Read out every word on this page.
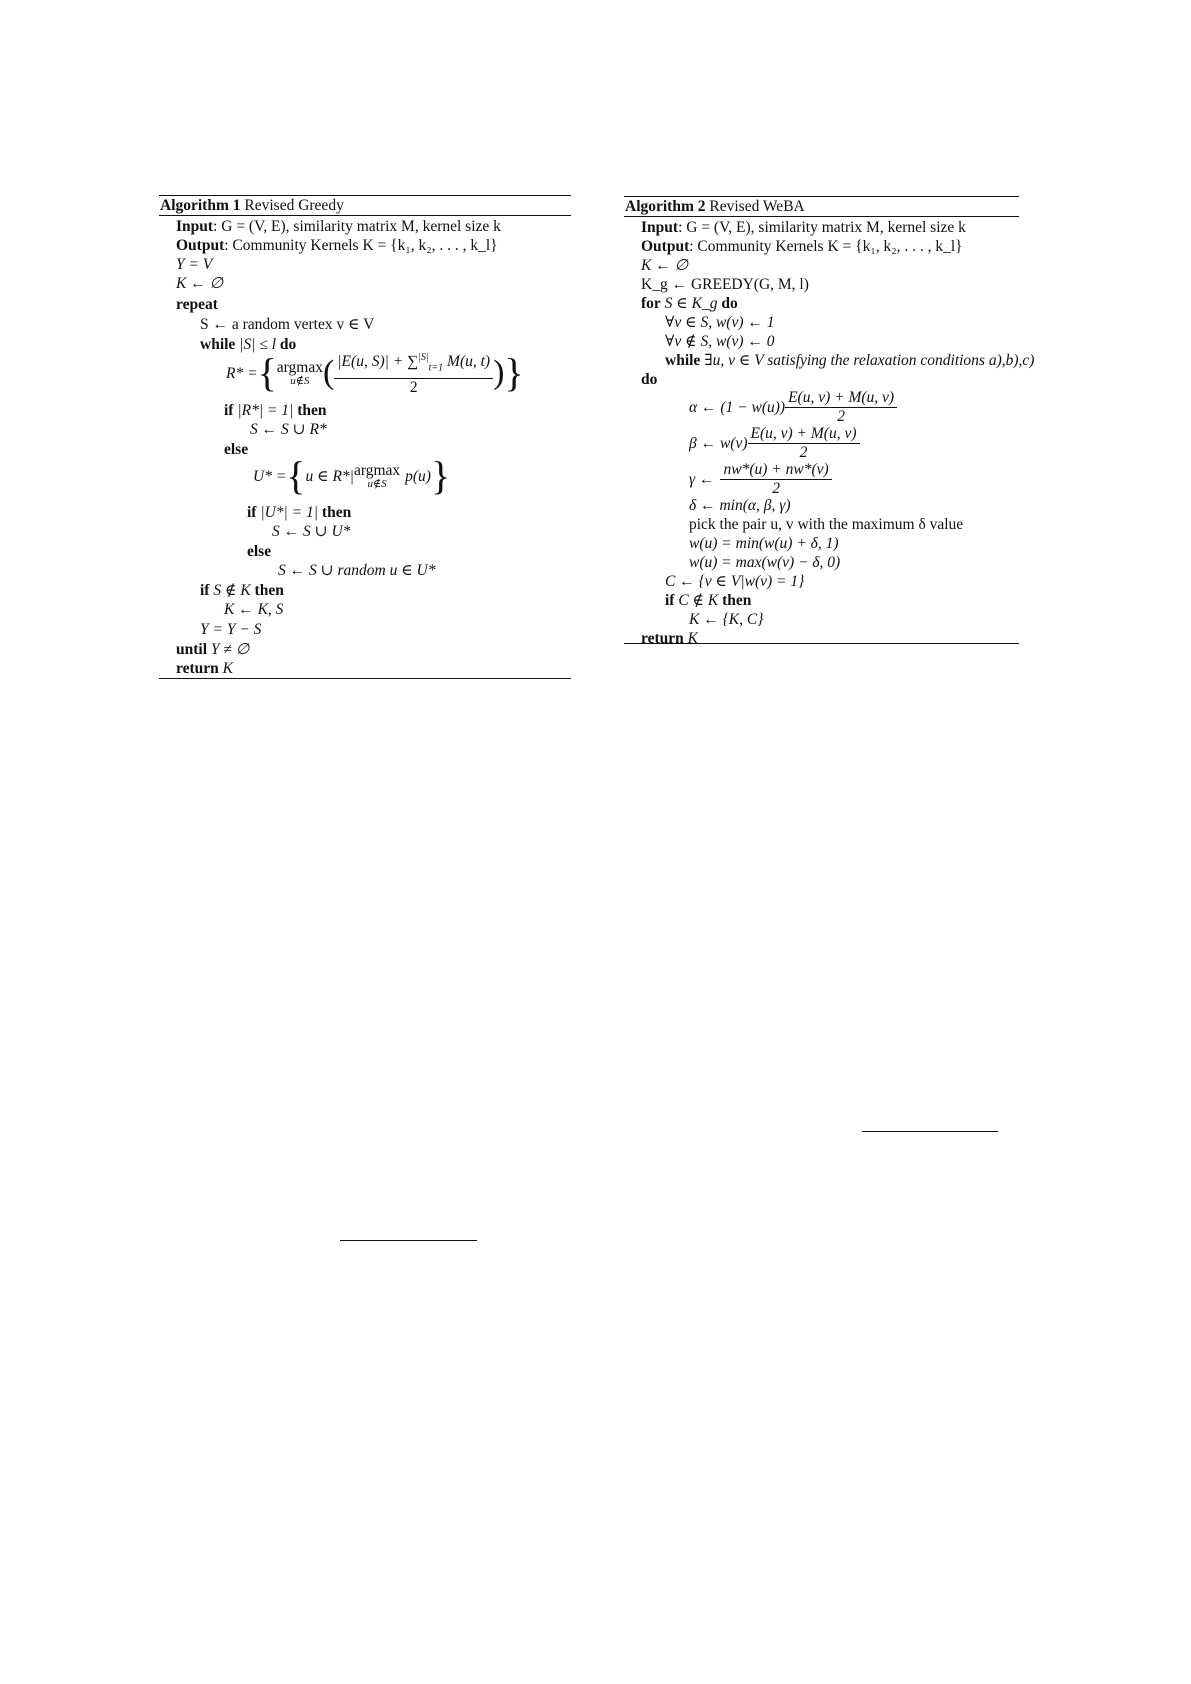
Algorithm 1 Revised Greedy
Input: G = (V, E), similarity matrix M, kernel size k
Output: Community Kernels K = {k₁, k₂, . . . , k_l}
Y = V
K ← ∅
repeat
S ← a random vertex v ∈ V
while |S| ≤ l do
R* = { argmax
u∉S ( $\frac{|E(u, S)| + \sum^{|S|}_{t=1} M(u, t)}{2}$ ) }
if |R*| = 1| then
S ← S ∪ R*
else
U* = { u ∈ R*| argmax
u∉S	p(u) }
if |U*| = 1| then
S ← S ∪ U*
else
S ← S ∪ random u ∈ U*
if S ∉ K then
K ← K, S
Y = Y − S
until Y ≠ ∅
return K
Algorithm 2 Revised WeBA
Input: G = (V, E), similarity matrix M, kernel size k
Output: Community Kernels K = {k₁, k₂, . . . , k_l}
K ← ∅
K_g ← GREEDY(G, M, l)
for S ∈ K_g do
∀v ∈ S, w(v) ← 1
∀v ∉ S, w(v) ← 0
while ∃u, v ∈ V satisfying the relaxation conditions a),b),c)
do
α ← $(1 - w(u)) \frac{E(u, v) + M(u, v)}{2}$
β ← $w(v) \frac{E(u, v) + M(u, v)}{2}$
γ ← $\frac{nw*(u) + nw*(v)}{2}$
δ ← min(α, β, γ)
pick the pair u, v with the maximum δ value
w(u) = min(w(u) + δ, 1)
w(u) = max(w(v) − δ, 0)
C ← {v ∈ V|w(v) = 1}
if C ∉ K then
K ← {K, C}
return K
